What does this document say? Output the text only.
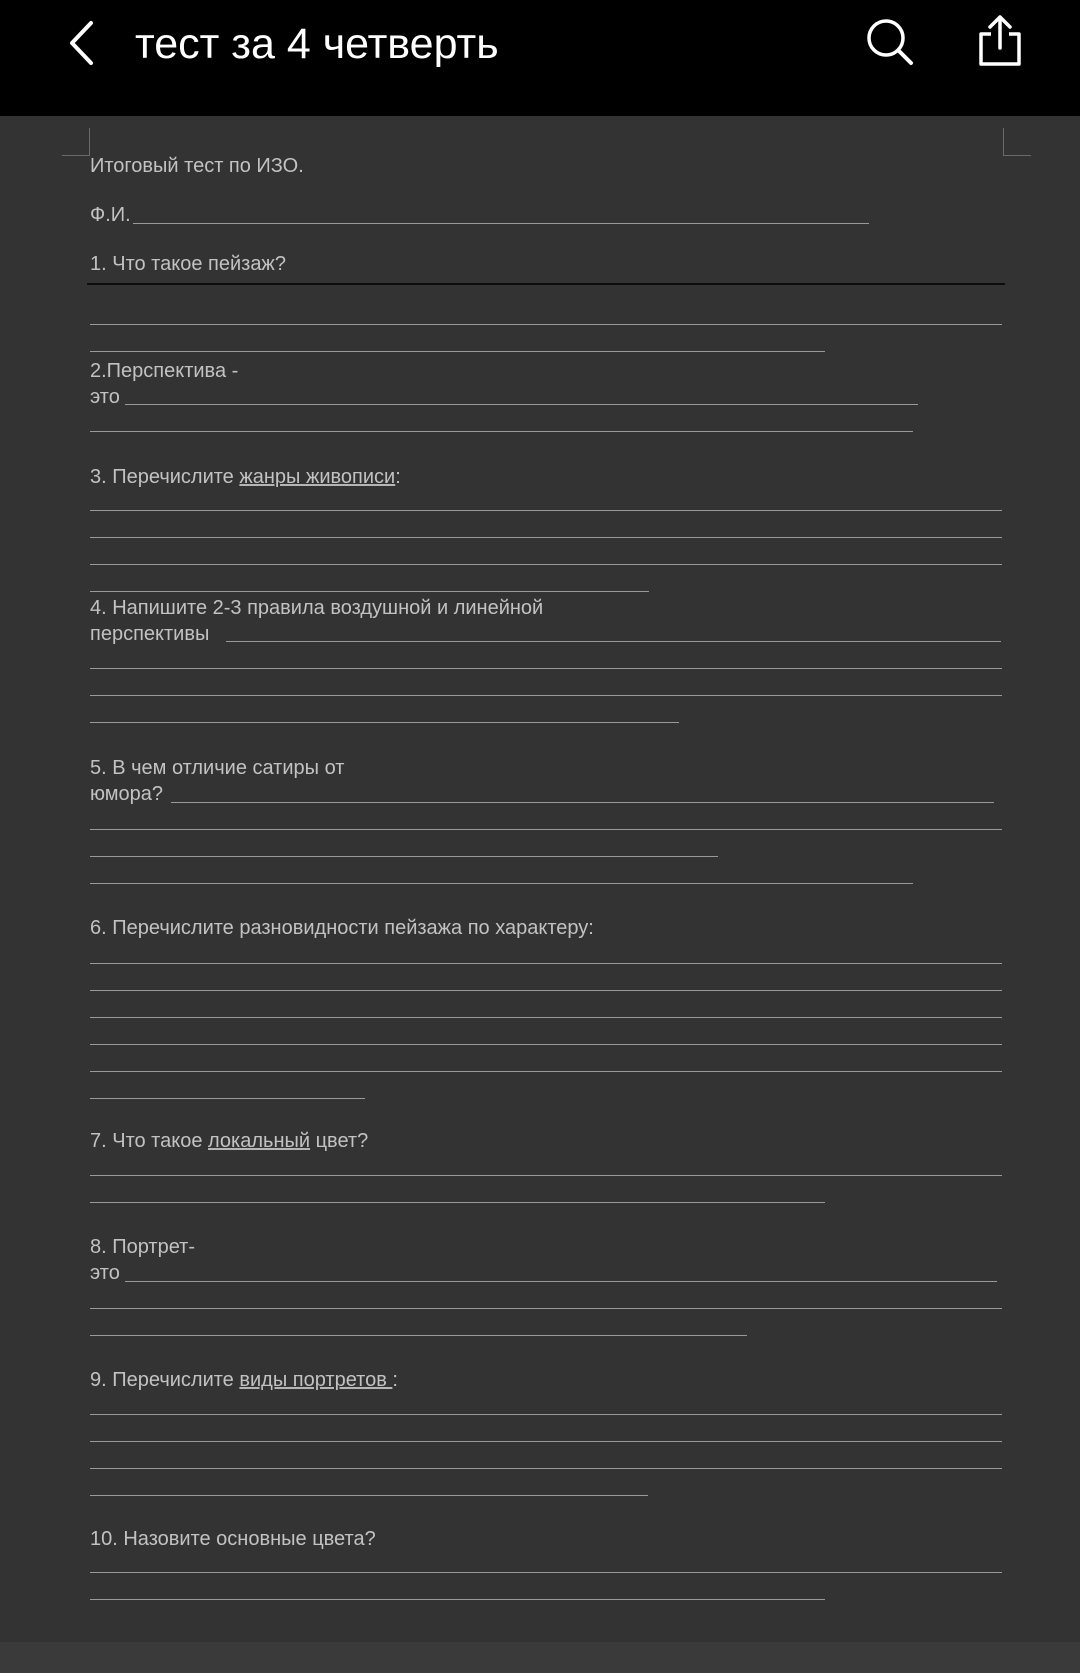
тест за 4 четверть
Итоговый тест по ИЗО.
Ф.И.
1. Что такое пейзаж?
2.Перспектива -
это
3. Перечислите жанры живописи:
4. Напишите 2-3 правила воздушной и линейной
перспективы
5. В чем отличие сатиры от
юмора?
6. Перечислите разновидности пейзажа по характеру:
7. Что такое локальный цвет?
8. Портрет-
это
9. Перечислите виды портретов :
10. Назовите основные цвета?
